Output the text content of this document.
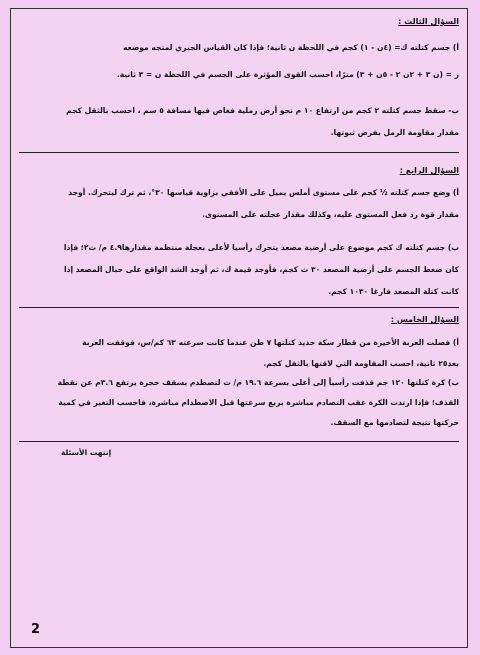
السؤال الثالث :
أ) جسم كتلته ك= (٤ن - ١) كجم في اللحظة ن ثانية؛ فإذا كان القياس الجبري لمتجه موضعه
ر = (ن ٣ + ٢ن ٢ - ٥ن + ٣) مترًا، احسب القوى المؤثرة على الجسم في اللحظة ن = ٣ ثانية.
ب- سقط جسم كتلته ٢ كجم من ارتفاع ١٠ م نحو أرض رملية فغاص فيها مسافة ٥ سم ، احسب بالثقل كجم
مقدار مقاومة الرمل بفرض ثبوتها.
السؤال الرابع :
أ) وضع جسم كتلته ½ كجم على مستوى أملس يميل على الأفقي بزاوية قياسها ٣٠°، ثم ترك ليتحرك. أوجد
مقدار قوة رد فعل المستوى عليه، وكذلك مقدار عجلته على المستوى.
ب) جسم كتلته ك كجم موضوع على أرضية مصعد يتحرك رأسيا لأعلى بعجلة منتظمة مقدارها٤.٩ م/ ث٢؛ فإذا
كان ضغط الجسم على أرضية المصعد ٣٠ ث كجم، فأوجد قيمة ك، ثم أوجد الشد الواقع على حبال المصعد إذا
كانت كتلة المصعد فارغا ١٠٣٠ كجم.
السؤال الخامس :
أ) فصلت العربة الأخيرة من قطار سكة حديد كتلتها ٧ طن عندما كانت سرعته ٦٣ كم/س، فوقفت العربة
بعد٢٥ ثانية، احسب المقاومة التي لاقتها بالثقل كجم.
ب) كرة كتلتها ١٢٠ جم قذفت رأسياً إلى أعلى بسرعة ١٩.٦ م/ ث لتصطدم بسقف حجرة يرتفع ٣.٦م عن نقطة
القذف؛ فإذا ارتدت الكرة عقب التصادم مباشرة بربع سرعتها قبل الاصطدام مباشرة، فاحسب التغير في كمية
حركتها نتيجة لتصادمها مع السقف.
إنتهت الأسئلة
2
